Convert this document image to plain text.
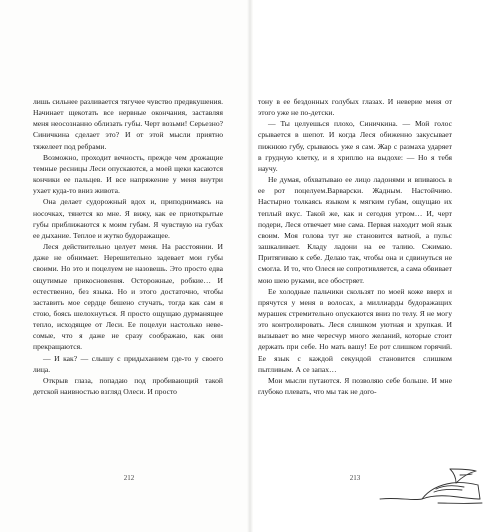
лишь сильнее разливается тягучее чувство предвкушения. Начинает щекотать все нервные окончания, заставляя меня неосознанно облизать губы. Черт возьми! Серьезно? Синичкина сделает это? И от этой мысли приятно тяжелеет под ребрами.

Возможно, проходит вечность, прежде чем дрожащие темные ресницы Леси опускаются, а моей щеки касаются кончики ее пальцев. И все напряжение у меня внутри ухает куда-то вниз живота.

Она делает судорожный вдох и, приподнимаясь на носочках, тянется ко мне. Я вижу, как ее приоткрытые губы приближаются к моим губам. Я чувствую на губах ее дыхание. Теплое и жутко будоражащее.

Леся действительно целует меня. На расстоянии. И даже не обнимает. Нерешительно задевает мои губы своими. Но это и поцелуем не назовешь. Это просто едва ощутимые прикосновения. Осторожные, робкие… И естественно, без языка. Но и этого достаточно, чтобы заставить мое сердце бешено стучать, тогда как сам я стою, боясь шелохнуться. Я просто ощущаю дурманящее тепло, исходящее от Леси. Ее поцелуи настолько невесомые, что я даже не сразу соображаю, как они прекращаются.

— И как? — слышу с придыханием где-то у своего лица.

Открыв глаза, попадаю под пробивающий такой детской наивностью взгляд Олеси. И просто

212

тону в ее бездонных голубых глазах. И неверие меня от этого уже не по-детски.

— Ты целуешься плохо, Синичкина. — Мой голос срывается в шепот. И когда Леся обиженно закусывает пижнюю губу, срываюсь уже я сам. Жар с размаха ударяет в грудную клетку, и я хриплю на выдохе: — Но я тебя научу.

Не думая, обхватываю ее лицо ладонями и впиваюсь в ее рот поцелуем.Варварски. Жадным. Настойчиво. Настырно толкаясь языком к мягким губам, ощущаю их теплый вкус. Такой же, как и сегодня утром… И, черт подери, Леся отвечает мне сама. Первая находит мой язык своим. Моя голова тут же становится ватной, а пульс зашкаливает. Кладу ладони на ее талию. Сжимаю. Притягиваю к себе. Делаю так, чтобы она и сдвинуться не смогла. И то, что Олеся не сопротивляется, а сама обвивает мою шею руками, все обостряет.

Ее холодные пальчики скользят по моей коже вверх и прячутся у меня в волосах, а миллиарды будоражащих мурашек стремительно опускаются вниз по телу. Я не могу это контролировать. Леся слишком уютная и хрупкая. И вызывает во мне чересчур много желаний, которые стоит держать при себе. Но мать вашу! Ее рот слишком горячий. Ее язык с каждой секундой становится слишком пытливым. А се запах…

Мои мысли путаются. Я позволяю себе больше. И мне глубоко плевать, что мы так не дого-

213
